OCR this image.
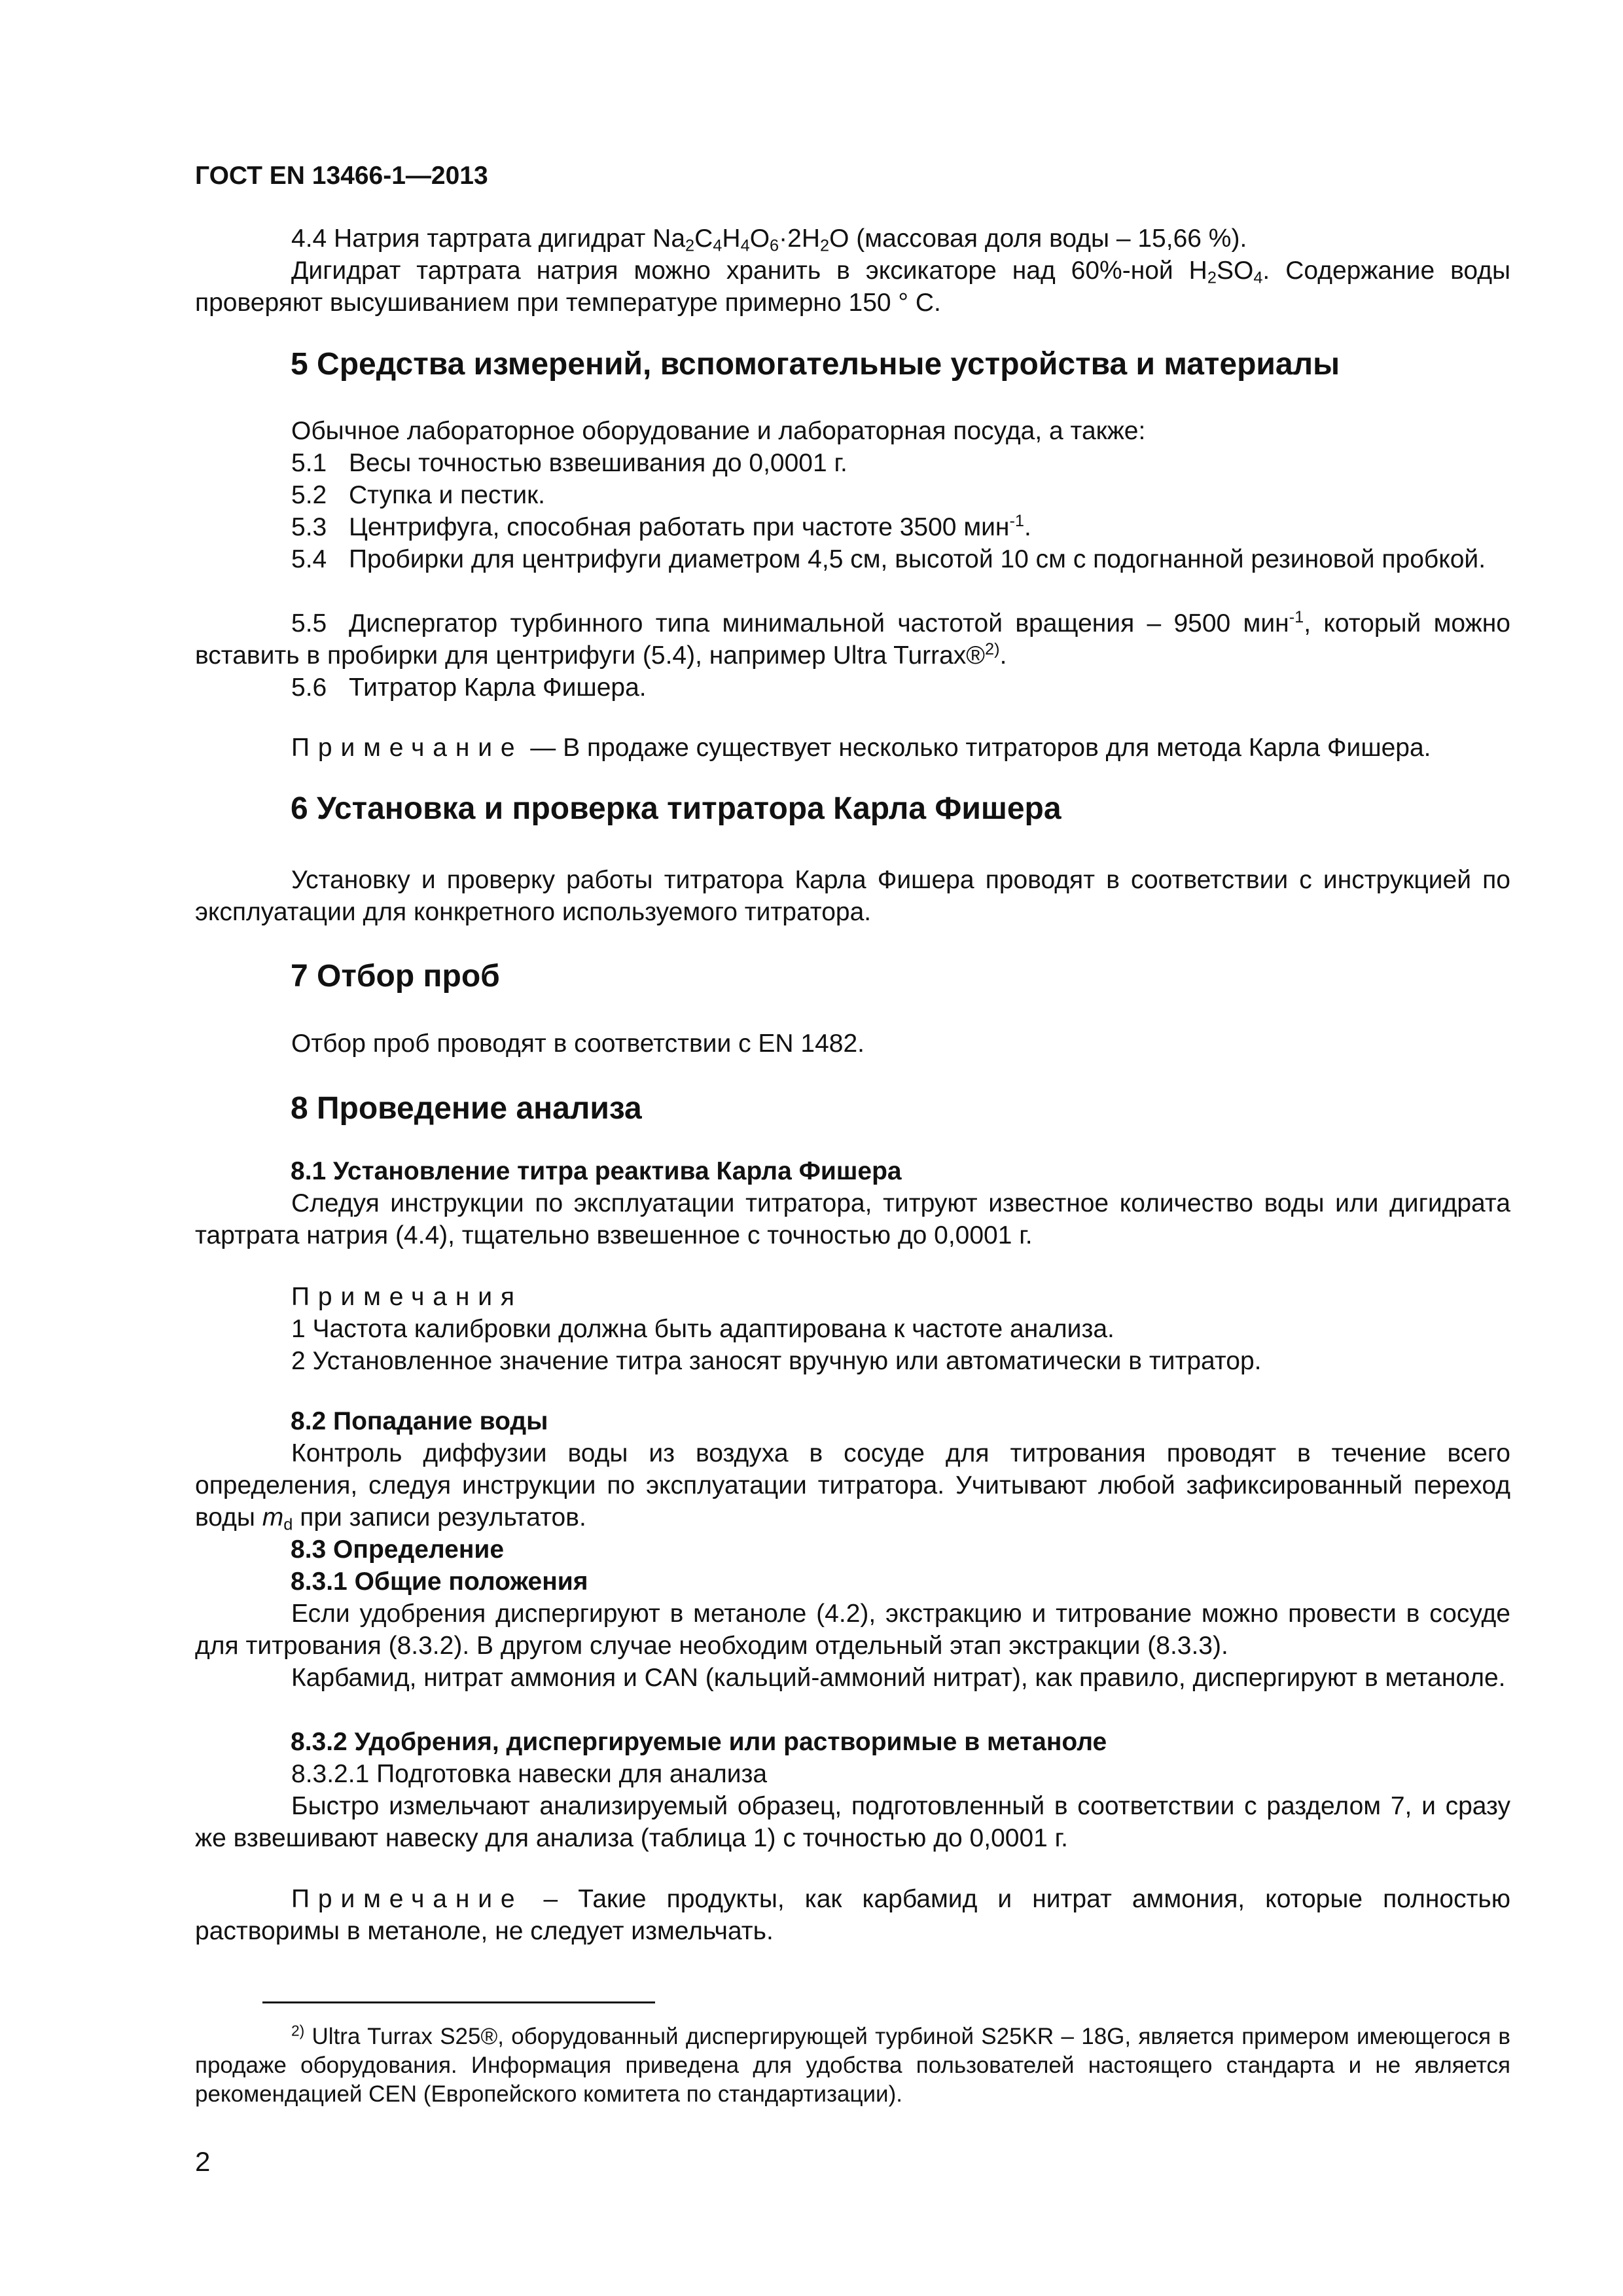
ГОСТ EN 13466-1—2013

4.4 Натрия тартрата дигидрат $Na_2C_4H_4O_6\cdot 2H_2O$ (массовая доля воды – 15,66 %).

Дигидрат тартрата натрия можно хранить в эксикаторе над 60%-ной $H_2SO_4$. Содержание воды проверяют высушиванием при температуре примерно 150 ° С.

5 Средства измерений, вспомогательные устройства и материалы

Обычное лабораторное оборудование и лабораторная посуда, а также:

5.1 Весы точностью взвешивания до 0,0001 г.

5.2 Ступка и пестик.

5.3 Центрифуга, способная работать при частоте 3500 мин$^{-1}$.

5.4 Пробирки для центрифуги диаметром 4,5 см, высотой 10 см с подогнанной резиновой пробкой.

5.5 Диспергатор турбинного типа минимальной частотой вращения – 9500 мин$^{-1}$, который можно вставить в пробирки для центрифуги (5.4), например Ultra Turrax®$^{2)}$.

5.6 Титратор Карла Фишера.

Примечание — В продаже существует несколько титраторов для метода Карла Фишера.

6 Установка и проверка титратора Карла Фишера

Установку и проверку работы титратора Карла Фишера проводят в соответствии с инструкцией по эксплуатации для конкретного используемого титратора.

7 Отбор проб

Отбор проб проводят в соответствии с EN 1482.

8 Проведение анализа
8.1 Установление титра реактива Карла Фишера

Следуя инструкции по эксплуатации титратора, титруют известное количество воды или дигидрата тартрата натрия (4.4), тщательно взвешенное с точностью до 0,0001 г.

Примечания

1 Частота калибровки должна быть адаптирована к частоте анализа.

2 Установленное значение титра заносят вручную или автоматически в титратор.

8.2 Попадание воды

Контроль диффузии воды из воздуха в сосуде для титрования проводят в течение всего определения, следуя инструкции по эксплуатации титратора. Учитывают любой зафиксированный переход воды $m_d$ при записи результатов.

8.3 Определение
8.3.1 Общие положения

Если удобрения диспергируют в метаноле (4.2), экстракцию и титрование можно провести в сосуде для титрования (8.3.2). В другом случае необходим отдельный этап экстракции (8.3.3).

Карбамид, нитрат аммония и CAN (кальций-аммоний нитрат), как правило, диспергируют в метаноле.

8.3.2 Удобрения, диспергируемые или растворимые в метаноле

8.3.2.1 Подготовка навески для анализа

Быстро измельчают анализируемый образец, подготовленный в соответствии с разделом 7, и сразу же взвешивают навеску для анализа (таблица 1) с точностью до 0,0001 г.

Примечание – Такие продукты, как карбамид и нитрат аммония, которые полностью растворимы в метаноле, не следует измельчать.

$^{2)}$ Ultra Turrax S25®, оборудованный диспергирующей турбиной S25KR – 18G, является примером имеющегося в продаже оборудования. Информация приведена для удобства пользователей настоящего стандарта и не является рекомендацией CEN (Европейского комитета по стандартизации).

2
